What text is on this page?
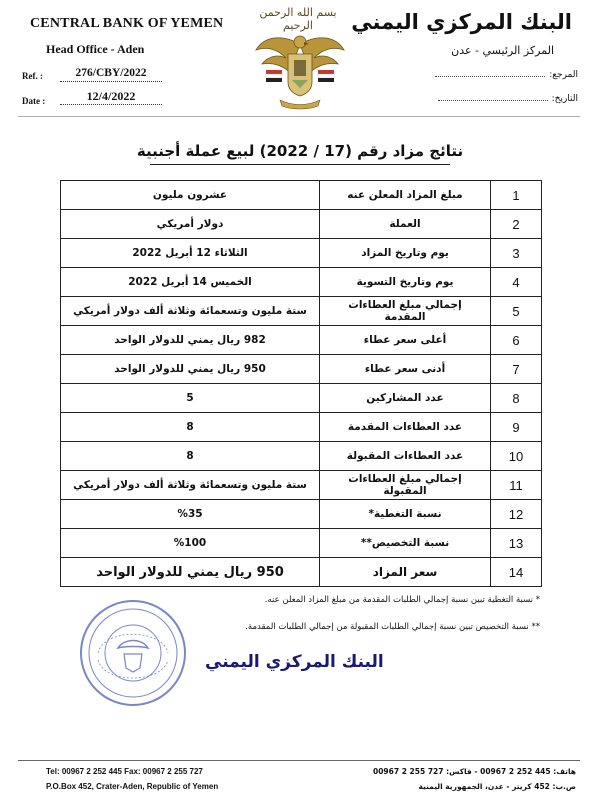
CENTRAL BANK OF YEMEN
Head Office - Aden
Ref. :	276/CBY/2022
Date :	12/4/2022
بسم الله الرحمن الرحيم	البنك المركزي اليمني
المركز الرئيسي - عدن
المرجع:
التاريخ:
نتائج مزاد رقم (17 / 2022) لبيع عملة أجنبية
1	مبلغ المزاد المعلن عنه	عشرون مليون
2	العملة	دولار أمريكي
3	يوم وتاريخ المزاد	الثلاثاء 12 أبريل 2022
4	يوم وتاريخ التسوية	الخميس 14 أبريل 2022
5	إجمالي مبلغ العطاءات المقدمة	ستة مليون وتسعمائة وثلاثة ألف دولار أمريكي
6	أعلى سعر عطاء	982 ريال يمني للدولار الواحد
7	أدنى سعر عطاء	950 ريال يمني للدولار الواحد
8	عدد المشاركين	5
9	عدد العطاءات المقدمة	8
10	عدد العطاءات المقبولة	8
11	إجمالي مبلغ العطاءات المقبولة	ستة مليون وتسعمائة وثلاثة ألف دولار أمريكي
12	نسبة التغطية*	%35
13	نسبة التخصيص**	%100
14	سعر المزاد	950 ريال يمني للدولار الواحد
* نسبة التغطية تبين نسبة إجمالي الطلبات المقدمة من مبلغ المزاد المعلن عنه.
** نسبة التخصيص تبين نسبة إجمالي الطلبات المقبولة من إجمالي الطلبات المقدمة.
البنك المركزي اليمني
Tel: 00967 2 252 445 Fax: 00967 2 255 727
P.O.Box 452, Crater-Aden, Republic of Yemen
هاتف: 445 252 2 00967 - فاكس: 727 255 2 00967
ص.ب: 452 كريتر - عدن، الجمهورية اليمنية
